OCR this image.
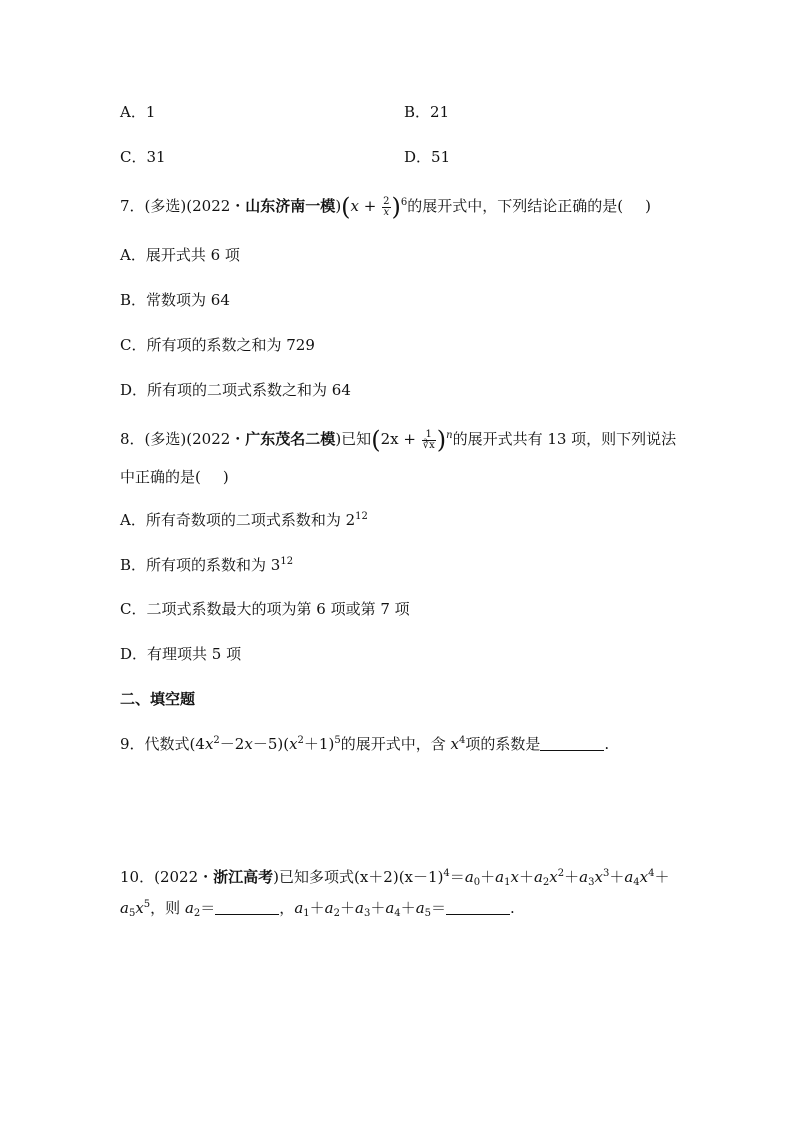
A．1	B．21
C．31	D．51
7．(多选)(2022・山东济南一模)$(x + \frac{2}{x} )^6$的展开式中，下列结论正确的是( )
A．展开式共 6 项
B．常数项为 64
C．所有项的系数之和为 729
D．所有项的二项式系数之和为 64
8．(多选)(2022・广东茂名二模)已知$(2x + \frac{1}{∛x} )^n$的展开式共有 13 项，则下列说法
中正确的是( )
A．所有奇数项的二项式系数和为 $2^{12}$
B．所有项的系数和为 $3^{12}$
C．二项式系数最大的项为第 6 项或第 7 项
D．有理项共 5 项
二、填空题
9．代数式$(4x^2-2x-5)(x^2+1)^5$的展开式中，含 $x^4$项的系数是	.
10．(2022・浙江高考)已知多项式$(x+2)(x-1)^4=a_0+a_1x+a_2x^2+a_3x^3+a_4x^4+$
$a_5x^5$，则 $a_2=$	，$a_1+a_2+a_3+a_4+a_5=$	.
